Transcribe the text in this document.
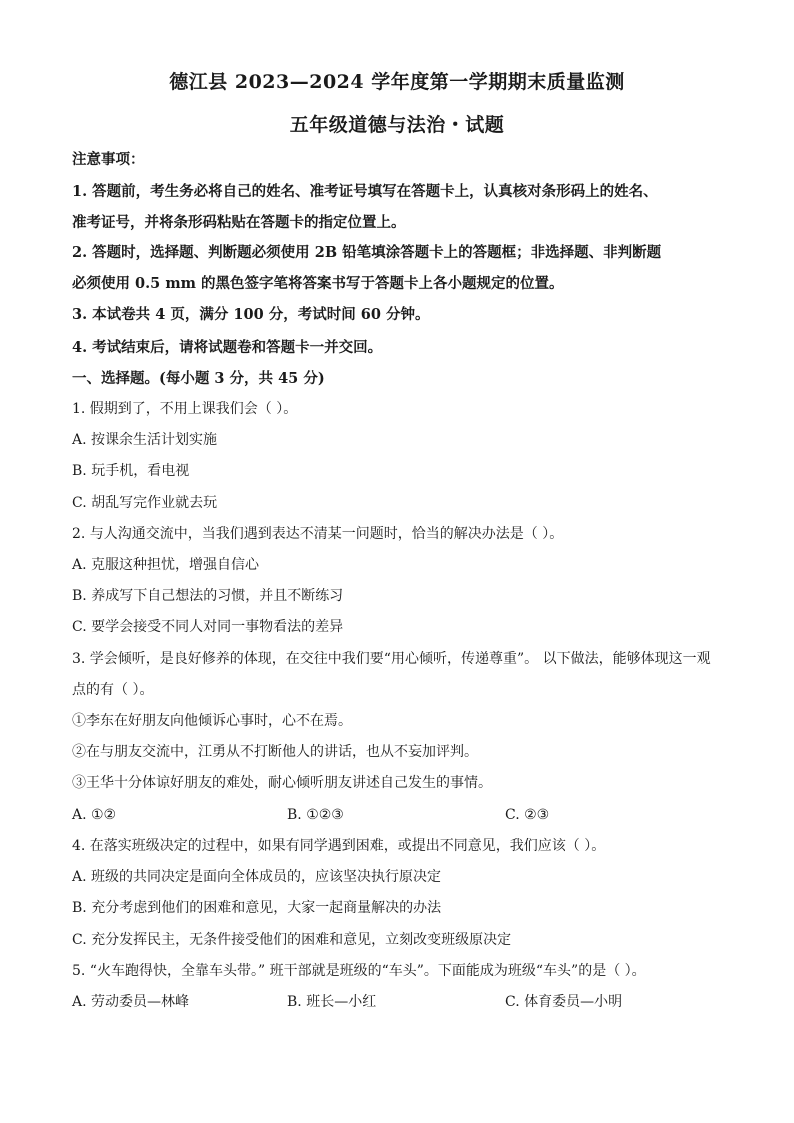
德江县 2023—2024 学年度第一学期期末质量监测
五年级道德与法治・试题
注意事项：
1. 答题前，考生务必将自己的姓名、准考证号填写在答题卡上，认真核对条形码上的姓名、
准考证号，并将条形码粘贴在答题卡的指定位置上。
2. 答题时，选择题、判断题必须使用 2B 铅笔填涂答题卡上的答题框；非选择题、非判断题
必须使用 0.5 mm 的黑色签字笔将答案书写于答题卡上各小题规定的位置。
3. 本试卷共 4 页，满分 100 分，考试时间 60 分钟。
4. 考试结束后，请将试题卷和答题卡一并交回。
一、选择题。(每小题 3 分，共 45 分)
1. 假期到了，不用上课我们会（ ）。
A. 按课余生活计划实施
B. 玩手机，看电视
C. 胡乱写完作业就去玩
2. 与人沟通交流中，当我们遇到表达不清某一问题时，恰当的解决办法是（ ）。
A. 克服这种担忧，增强自信心
B. 养成写下自己想法的习惯，并且不断练习
C. 要学会接受不同人对同一事物看法的差异
3. 学会倾听，是良好修养的体现，在交往中我们要“用心倾听，传递尊重”。 以下做法，能够体现这一观
点的有（ ）。
①李东在好朋友向他倾诉心事时，心不在焉。
②在与朋友交流中，江勇从不打断他人的讲话，也从不妄加评判。
③王华十分体谅好朋友的难处，耐心倾听朋友讲述自己发生的事情。
A. ①②	B. ①②③	C. ②③
4. 在落实班级决定的过程中，如果有同学遇到困难，或提出不同意见，我们应该（ ）。
A. 班级的共同决定是面向全体成员的，应该坚决执行原决定
B. 充分考虑到他们的困难和意见，大家一起商量解决的办法
C. 充分发挥民主，无条件接受他们的困难和意见，立刻改变班级原决定
5. “火车跑得快，全靠车头带。” 班干部就是班级的“车头”。下面能成为班级“车头”的是（ ）。
A. 劳动委员—林峰	B. 班长—小红	C. 体育委员—小明
